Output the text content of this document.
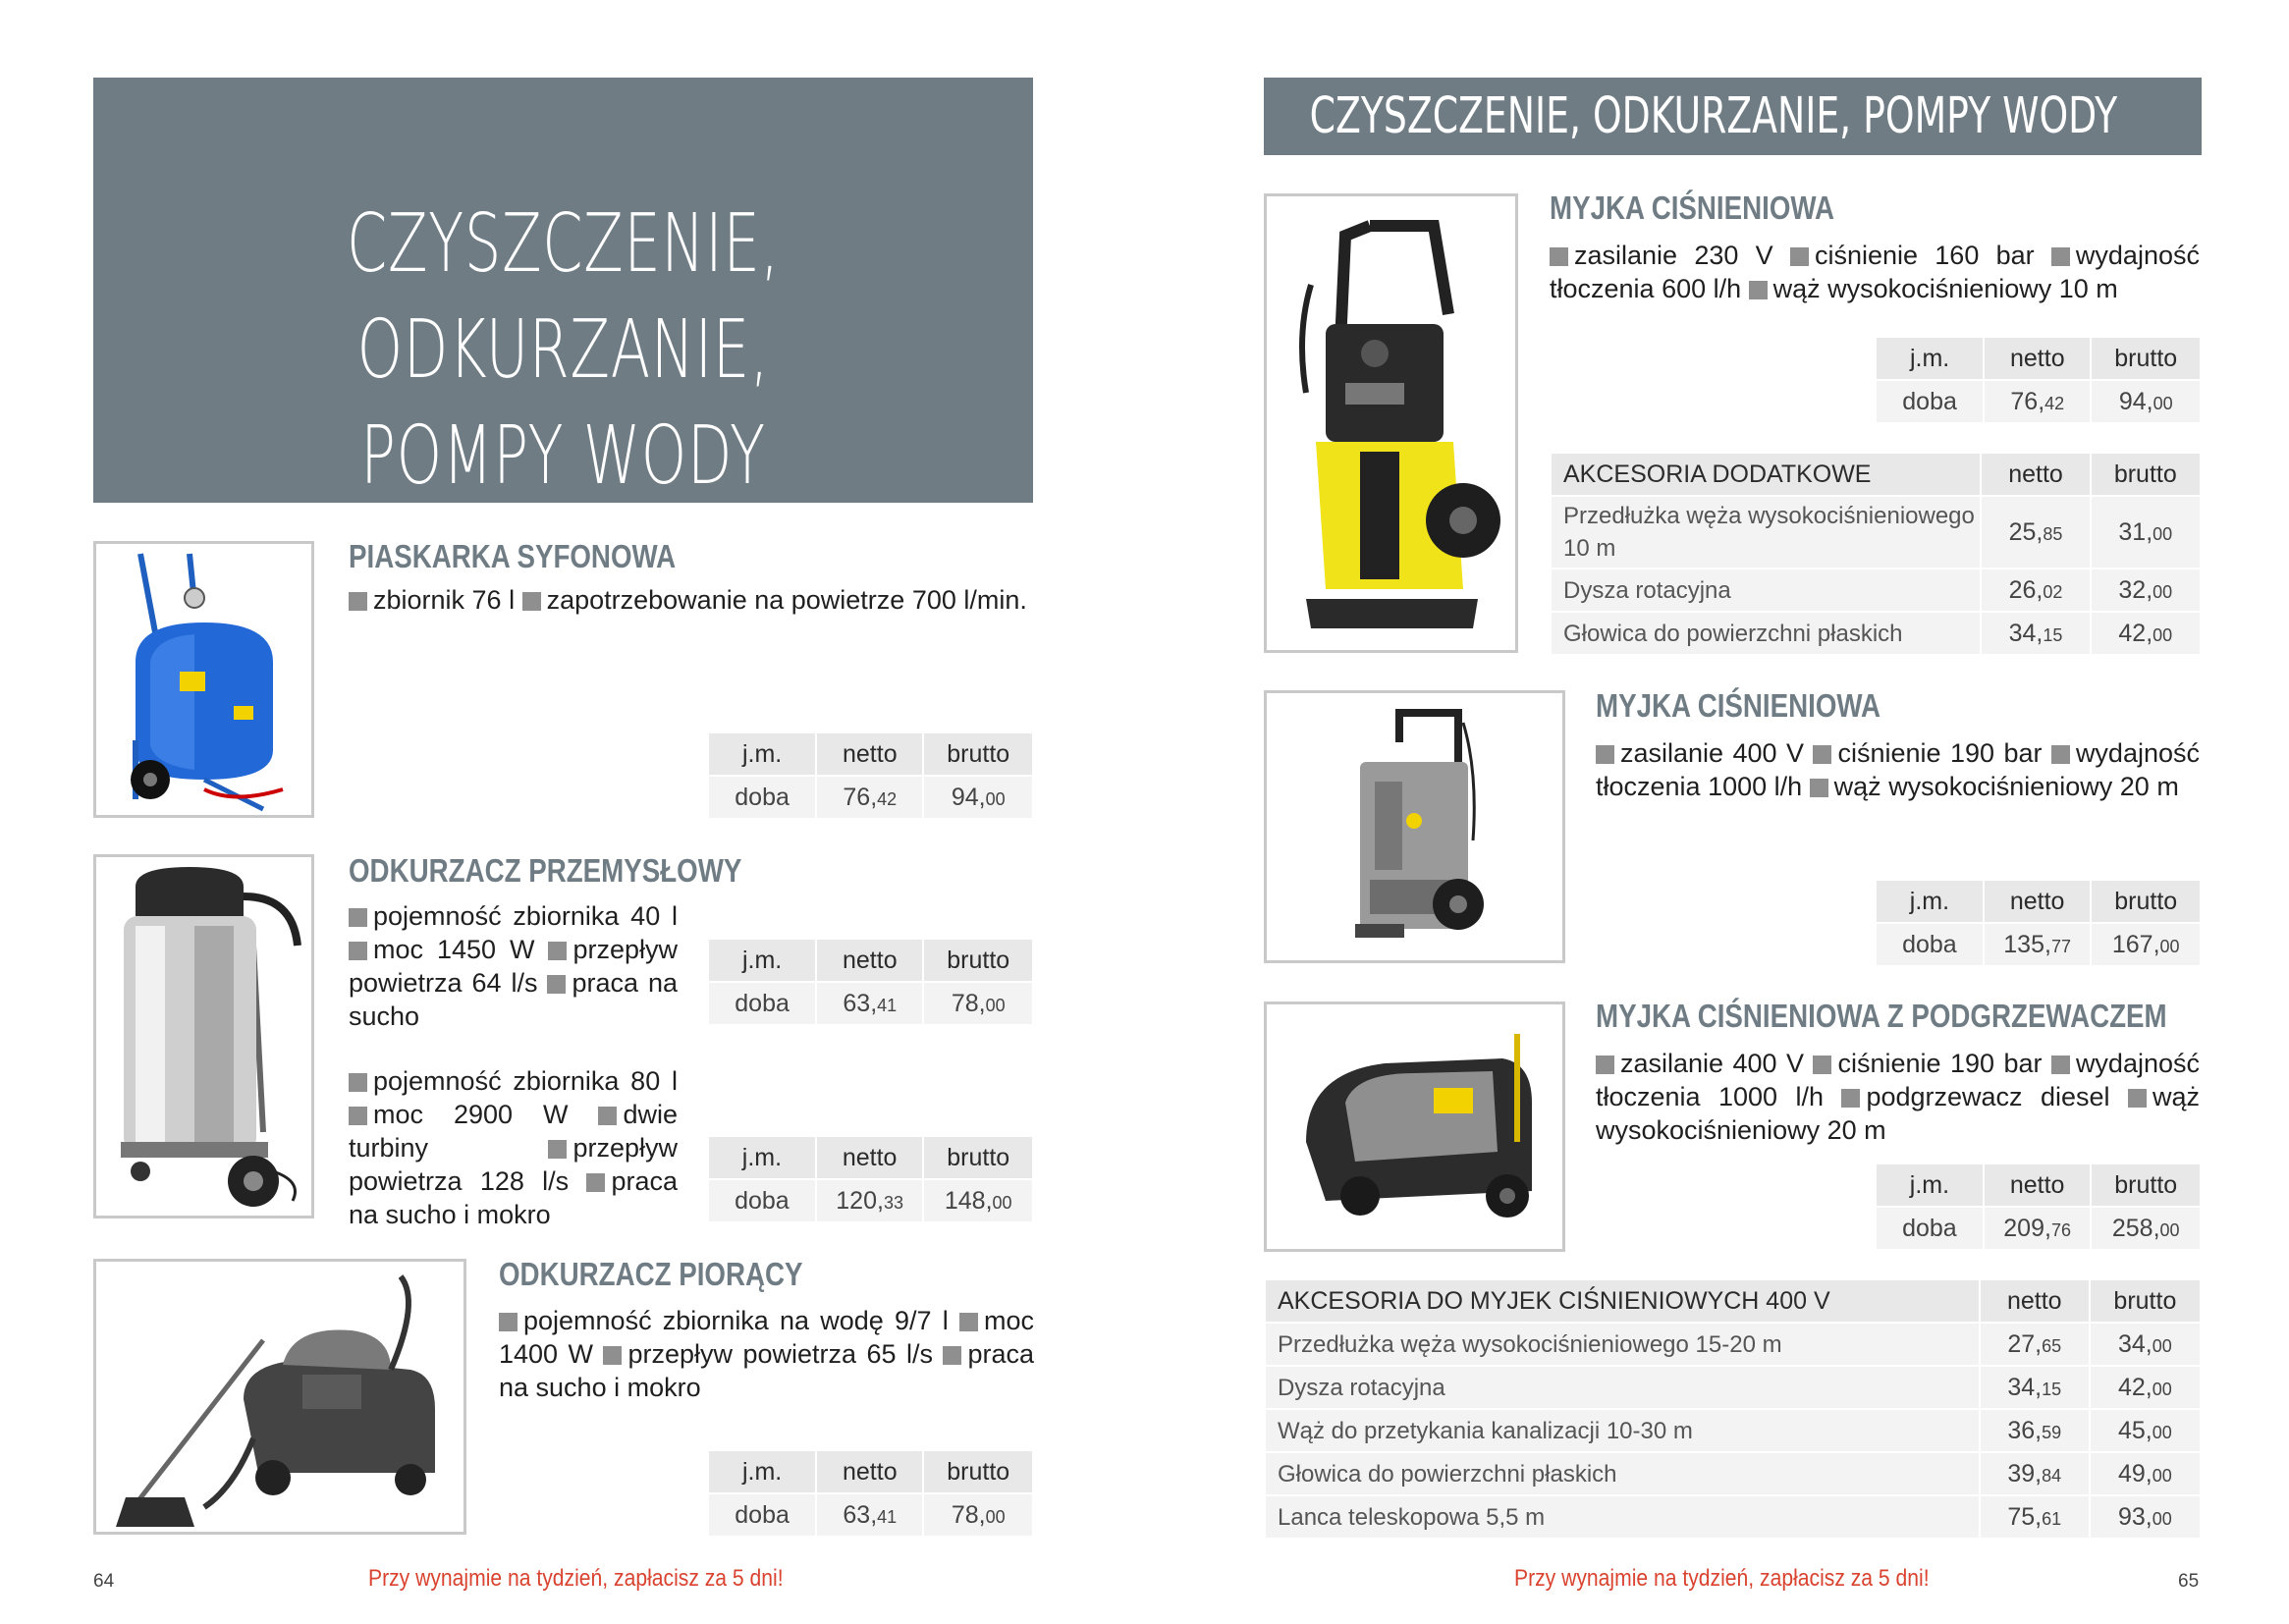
CZYSZCZENIE,
ODKURZANIE,
POMPY WODY
PIASKARKA SYFONOWA
zbiornik 76 l zapotrzebowanie na powietrze 700 l/min.
j.m.	netto	brutto
doba	76,42	94,00
ODKURZACZ PRZEMYSŁOWY
pojemność zbiornika 40 l moc 1450 W przepływ powietrza 64 l/s praca na sucho
j.m.	netto	brutto
doba	63,41	78,00
pojemność zbiornika 80 l moc 2900 W dwie turbiny	przepływ powietrza 128 l/s praca na sucho i mokro
j.m.	netto	brutto
doba	120,33	148,00
ODKURZACZ PIORĄCY
pojemność zbiornika na wodę 9/7 l moc 1400 W przepływ powietrza 65 l/s praca na sucho i mokro
j.m.	netto	brutto
doba	63,41	78,00
64	Przy wynajmie na tydzień, zapłacisz za 5 dni!
CZYSZCZENIE, ODKURZANIE, POMPY WODY
MYJKA CIŚNIENIOWA
zasilanie 230 V ciśnienie 160 bar wydajność tłoczenia 600 l/h wąż wysokociśnieniowy 10 m
j.m.	netto	brutto
doba	76,42	94,00
AKCESORIA DODATKOWE	netto	brutto
Przedłużka węża wysokociśnieniowego 10 m	25,85	31,00
Dysza rotacyjna	26,02	32,00
Głowica do powierzchni płaskich	34,15	42,00
MYJKA CIŚNIENIOWA
zasilanie 400 V ciśnienie 190 bar wydajność tłoczenia 1000 l/h wąż wysokociśnieniowy 20 m
j.m.	netto	brutto
doba	135,77	167,00
MYJKA CIŚNIENIOWA Z PODGRZEWACZEM
zasilanie 400 V ciśnienie 190 bar wydajność tłoczenia 1000 l/h podgrzewacz diesel wąż wysokociśnieniowy 20 m
j.m.	netto	brutto
doba	209,76	258,00
AKCESORIA DO MYJEK CIŚNIENIOWYCH 400 V	netto	brutto
Przedłużka węża wysokociśnieniowego 15-20 m	27,65	34,00
Dysza rotacyjna	34,15	42,00
Wąż do przetykania kanalizacji 10-30 m	36,59	45,00
Głowica do powierzchni płaskich	39,84	49,00
Lanca teleskopowa 5,5 m	75,61	93,00
Przy wynajmie na tydzień, zapłacisz za 5 dni!	65
